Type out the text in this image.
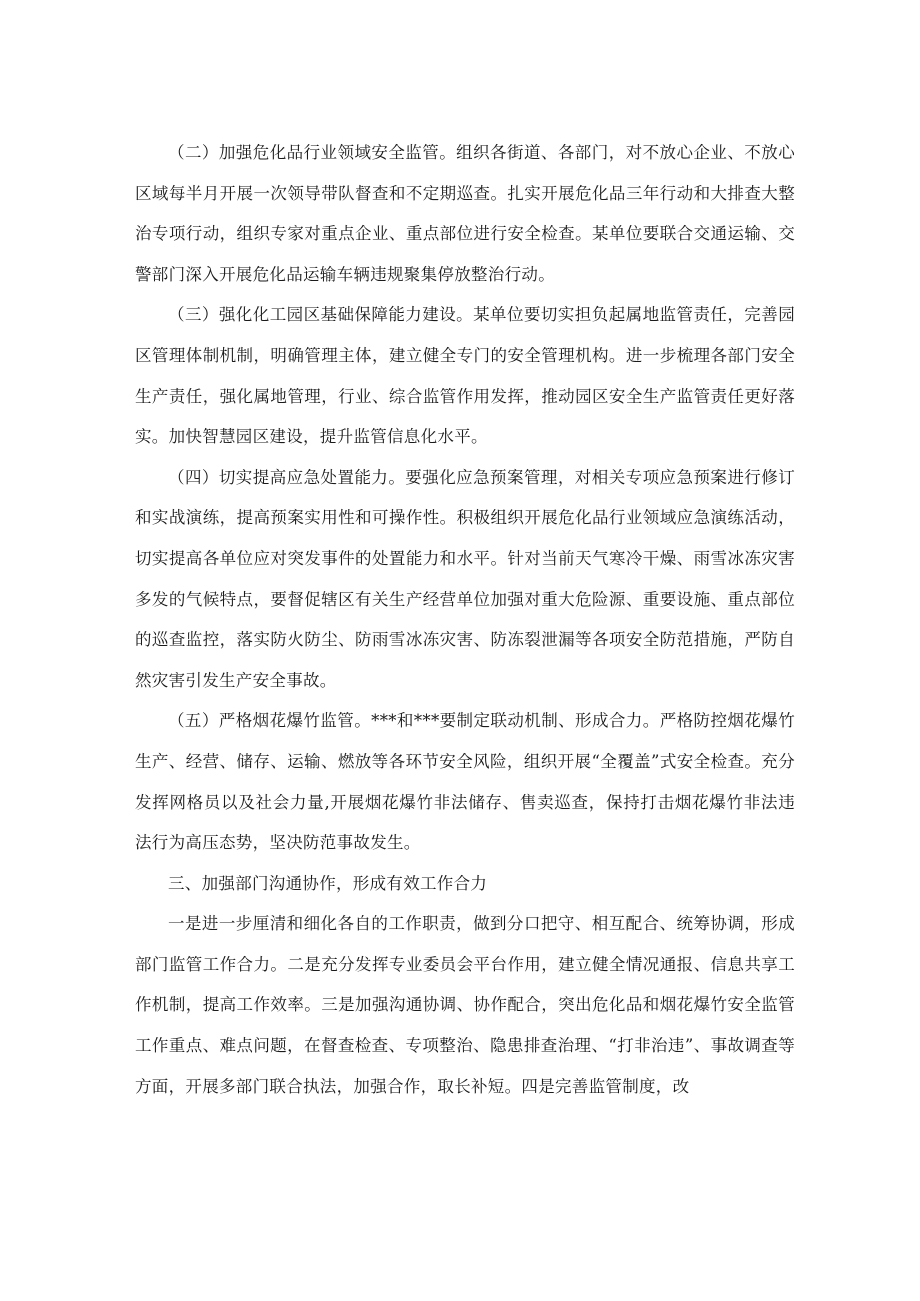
（二）加强危化品行业领域安全监管。组织各街道、各部门，对不放心企业、不放心区域每半月开展一次领导带队督查和不定期巡查。扎实开展危化品三年行动和大排查大整治专项行动，组织专家对重点企业、重点部位进行安全检查。某单位要联合交通运输、交警部门深入开展危化品运输车辆违规聚集停放整治行动。

（三）强化化工园区基础保障能力建设。某单位要切实担负起属地监管责任，完善园区管理体制机制，明确管理主体，建立健全专门的安全管理机构。进一步梳理各部门安全生产责任，强化属地管理，行业、综合监管作用发挥，推动园区安全生产监管责任更好落实。加快智慧园区建设，提升监管信息化水平。

（四）切实提高应急处置能力。要强化应急预案管理，对相关专项应急预案进行修订和实战演练，提高预案实用性和可操作性。积极组织开展危化品行业领域应急演练活动，切实提高各单位应对突发事件的处置能力和水平。针对当前天气寒冷干燥、雨雪冰冻灾害多发的气候特点，要督促辖区有关生产经营单位加强对重大危险源、重要设施、重点部位的巡查监控，落实防火防尘、防雨雪冰冻灾害、防冻裂泄漏等各项安全防范措施，严防自然灾害引发生产安全事故。

（五）严格烟花爆竹监管。***和***要制定联动机制、形成合力。严格防控烟花爆竹生产、经营、储存、运输、燃放等各环节安全风险，组织开展“全覆盖”式安全检查。充分发挥网格员以及社会力量,开展烟花爆竹非法储存、售卖巡查，保持打击烟花爆竹非法违法行为高压态势，坚决防范事故发生。

三、加强部门沟通协作，形成有效工作合力

一是进一步厘清和细化各自的工作职责，做到分口把守、相互配合、统筹协调，形成部门监管工作合力。二是充分发挥专业委员会平台作用，建立健全情况通报、信息共享工作机制，提高工作效率。三是加强沟通协调、协作配合，突出危化品和烟花爆竹安全监管工作重点、难点问题，在督查检查、专项整治、隐患排查治理、“打非治违”、事故调查等方面，开展多部门联合执法，加强合作，取长补短。四是完善监管制度，改
